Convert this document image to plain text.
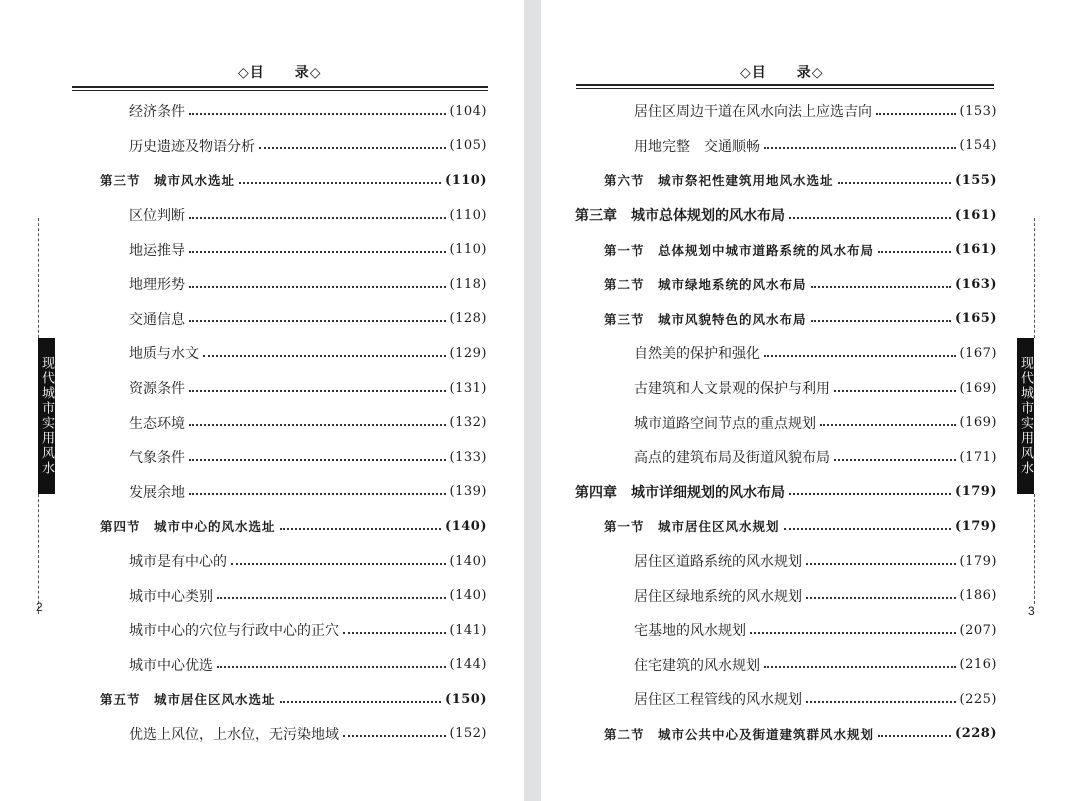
◇目　　录◇
经济条件	(104)
历史遗迹及物语分析	(105)
第三节　城市风水选址	(110)
区位判断	(110)
地运推导	(110)
地理形势	(118)
交通信息	(128)
地质与水文	(129)
资源条件	(131)
生态环境	(132)
气象条件	(133)
发展余地	(139)
第四节　城市中心的风水选址	(140)
城市是有中心的	(140)
城市中心类别	(140)
城市中心的穴位与行政中心的正穴	(141)
城市中心优选	(144)
第五节　城市居住区风水选址	(150)
优选上风位，上水位，无污染地域	(152)
现代城市实用风水
2
◇目　　录◇
居住区周边干道在风水向法上应选吉向	(153)
用地完整　交通顺畅	(154)
第六节　城市祭祀性建筑用地风水选址	(155)
第三章　城市总体规划的风水布局	(161)
第一节　总体规划中城市道路系统的风水布局	(161)
第二节　城市绿地系统的风水布局	(163)
第三节　城市风貌特色的风水布局	(165)
自然美的保护和强化	(167)
古建筑和人文景观的保护与利用	(169)
城市道路空间节点的重点规划	(169)
高点的建筑布局及街道风貌布局	(171)
第四章　城市详细规划的风水布局	(179)
第一节　城市居住区风水规划	(179)
居住区道路系统的风水规划	(179)
居住区绿地系统的风水规划	(186)
宅基地的风水规划	(207)
住宅建筑的风水规划	(216)
居住区工程管线的风水规划	(225)
第二节　城市公共中心及街道建筑群风水规划	(228)
现代城市实用风水
3
